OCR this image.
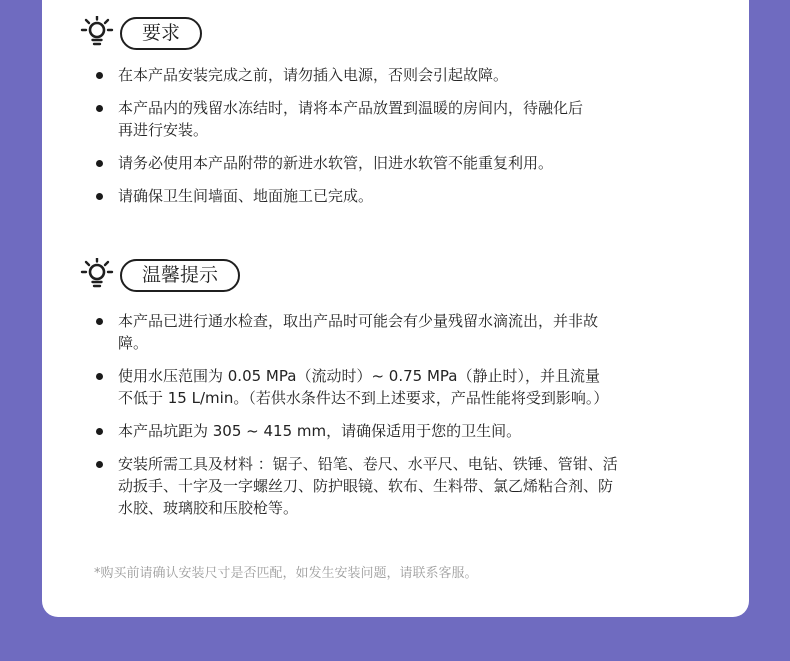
要求
在本产品安装完成之前，请勿插入电源，否则会引起故障。
本产品内的残留水冻结时，请将本产品放置到温暖的房间内，待融化后
再进行安装。
请务必使用本产品附带的新进水软管，旧进水软管不能重复利用。
请确保卫生间墙面、地面施工已完成。
温馨提示
本产品已进行通水检查，取出产品时可能会有少量残留水滴流出，并非故
障。
使用水压范围为 0.05 MPa（流动时）~ 0.75 MPa（静止时），并且流量
不低于 15 L/min。（若供水条件达不到上述要求，产品性能将受到影响。）
本产品坑距为 305 ~ 415 mm，请确保适用于您的卫生间。
安装所需工具及材料 ：锯子、铅笔、卷尺、水平尺、电钻、铁锤、管钳、活
动扳手、十字及一字螺丝刀、防护眼镜、软布、生料带、氯乙烯粘合剂、防
水胶、玻璃胶和压胶枪等。
*购买前请确认安装尺寸是否匹配，如发生安装问题，请联系客服。
